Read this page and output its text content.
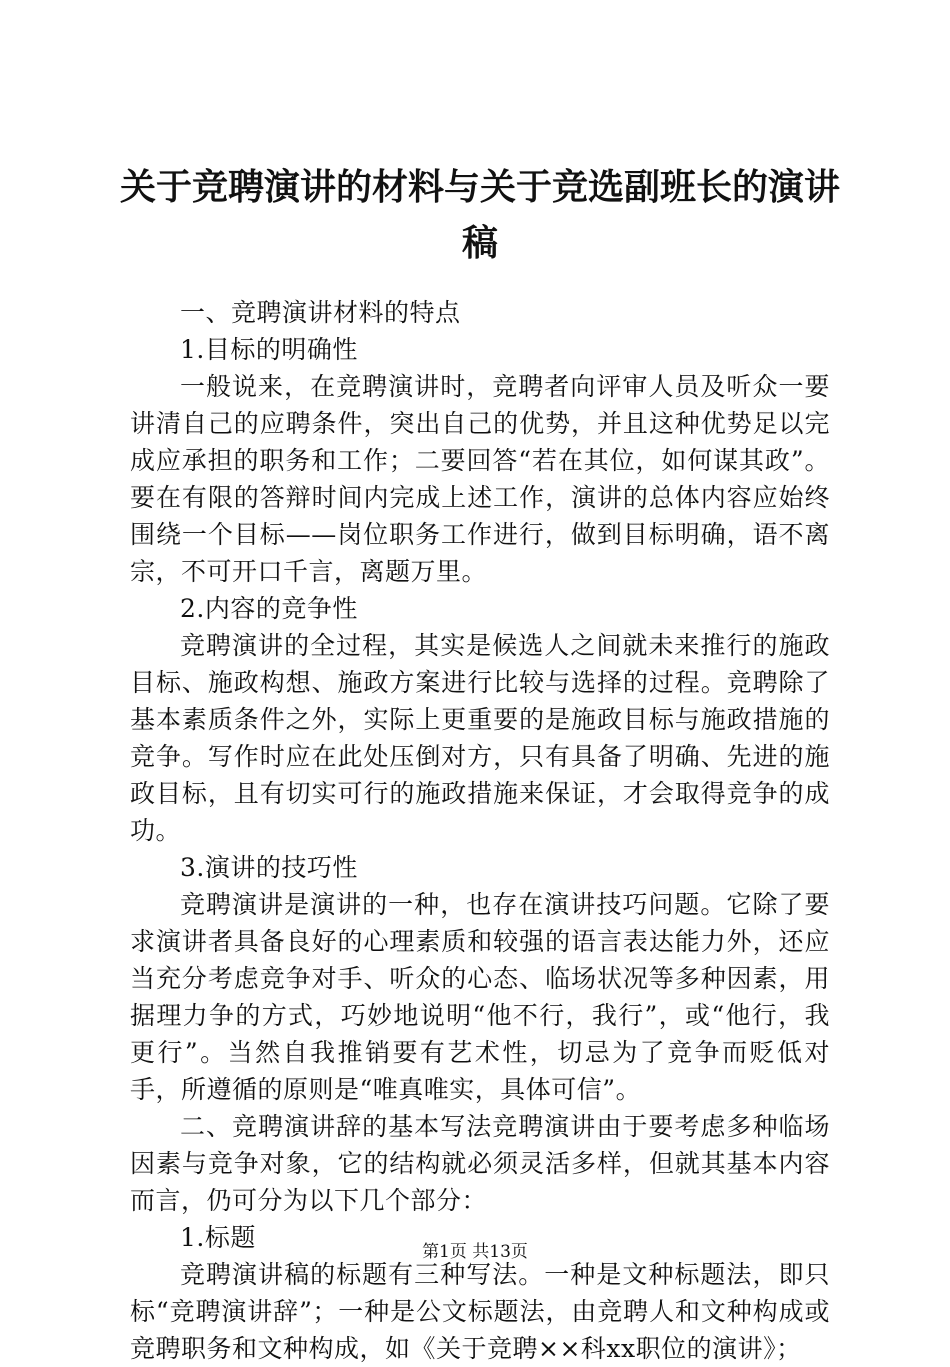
关于竞聘演讲的材料与关于竞选副班长的演讲稿

一、竞聘演讲材料的特点

1.目标的明确性

一般说来，在竞聘演讲时，竞聘者向评审人员及听众一要讲清自己的应聘条件，突出自己的优势，并且这种优势足以完成应承担的职务和工作；二要回答“若在其位，如何谋其政”。要在有限的答辩时间内完成上述工作，演讲的总体内容应始终围绕一个目标——岗位职务工作进行，做到目标明确，语不离宗，不可开口千言，离题万里。

2.内容的竞争性

竞聘演讲的全过程，其实是候选人之间就未来推行的施政目标、施政构想、施政方案进行比较与选择的过程。竞聘除了基本素质条件之外，实际上更重要的是施政目标与施政措施的竞争。写作时应在此处压倒对方，只有具备了明确、先进的施政目标，且有切实可行的施政措施来保证，才会取得竞争的成功。

3.演讲的技巧性

竞聘演讲是演讲的一种，也存在演讲技巧问题。它除了要求演讲者具备良好的心理素质和较强的语言表达能力外，还应当充分考虑竞争对手、听众的心态、临场状况等多种因素，用据理力争的方式，巧妙地说明“他不行，我行”，或“他行，我更行”。当然自我推销要有艺术性，切忌为了竞争而贬低对手，所遵循的原则是“唯真唯实，具体可信”。

二、竞聘演讲辞的基本写法竞聘演讲由于要考虑多种临场因素与竞争对象，它的结构就必须灵活多样，但就其基本内容而言，仍可分为以下几个部分：

1.标题

竞聘演讲稿的标题有三种写法。一种是文种标题法，即只标“竞聘演讲辞”；一种是公文标题法，由竞聘人和文种构成或竞聘职务和文种构成，如《关于竞聘××科xx职位的演讲》；

第1页 共13页
